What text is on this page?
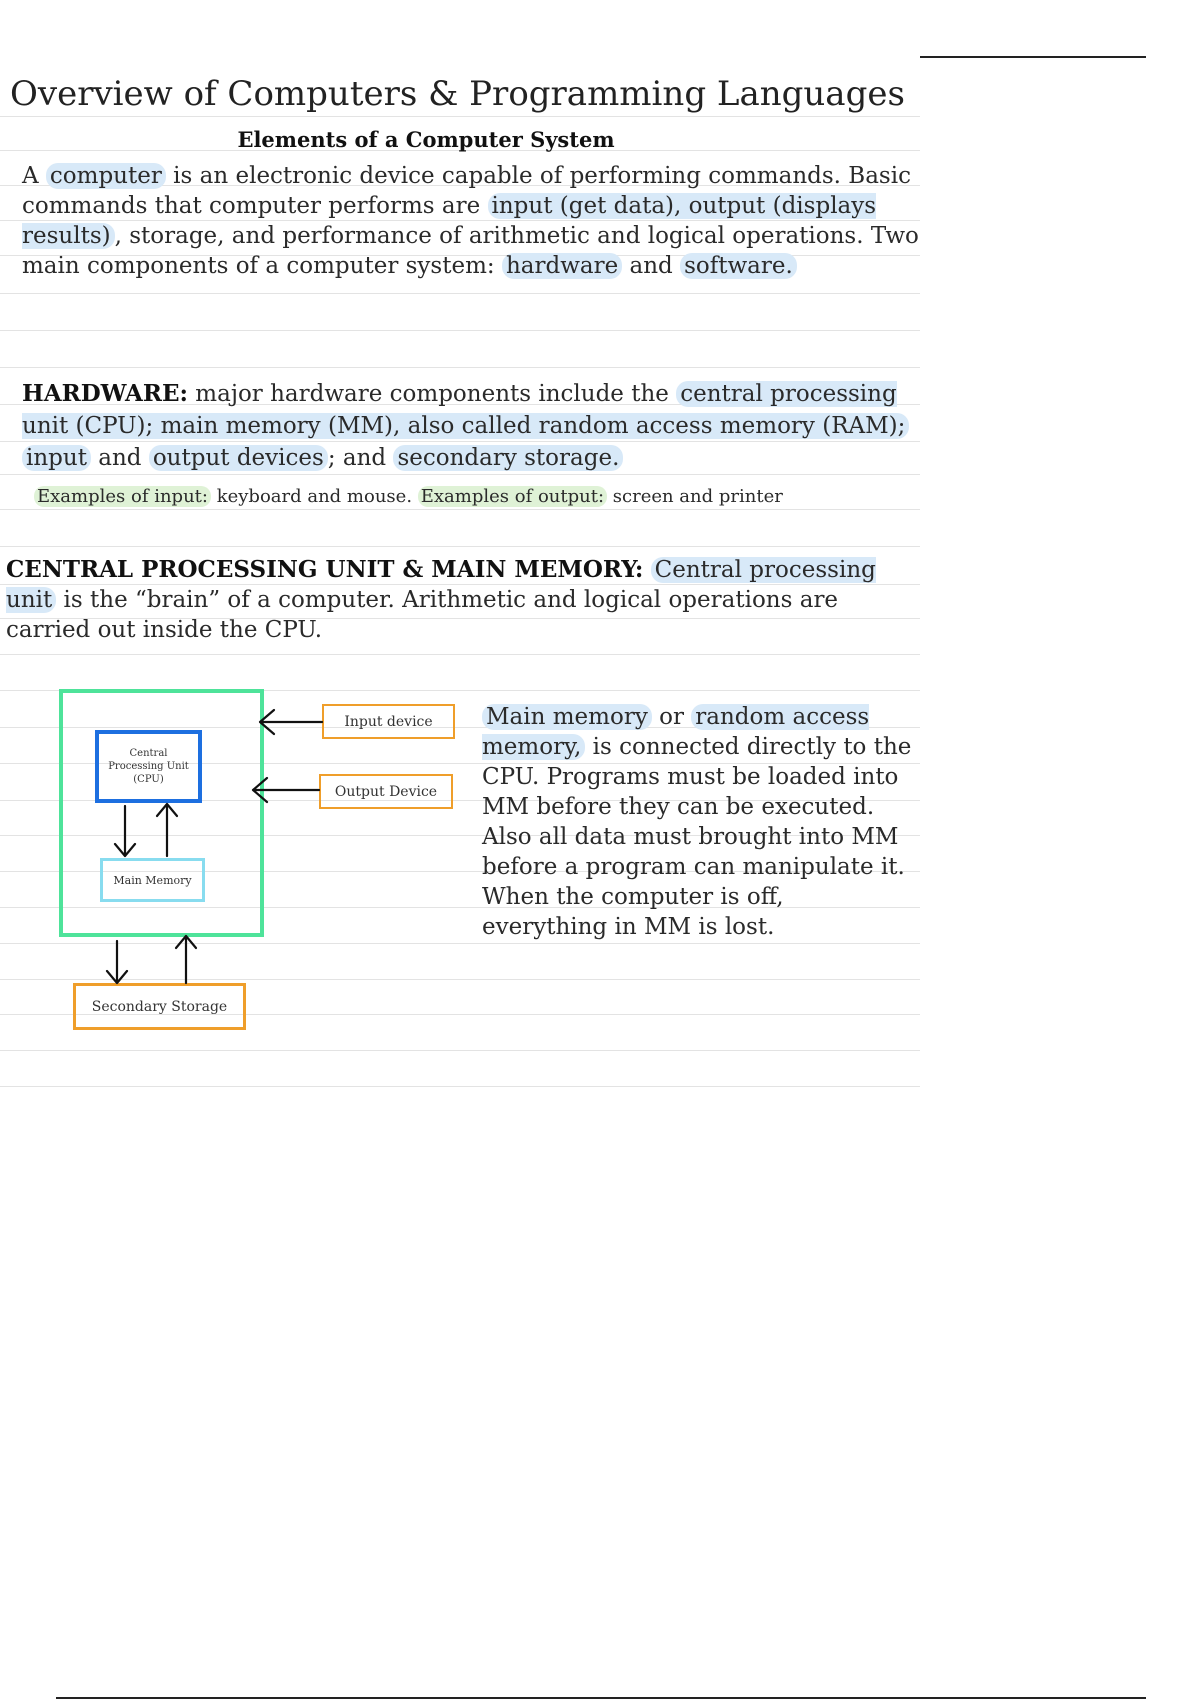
Overview of Computers & Programming Languages
Elements of a Computer System

A computer is an electronic device capable of performing commands. Basic commands that computer performs are input (get data), output (displays results) , storage, and performance of arithmetic and logical operations. Two main components of a computer system: hardware and software.

HARDWARE: major hardware components include the central processing unit (CPU); main memory (MM), also called random access memory (RAM); input and output devices ; and secondary storage.

Examples of input: keyboard and mouse. Examples of output: screen and printer

CENTRAL PROCESSING UNIT & MAIN MEMORY: Central processing unit is the “brain” of a computer. Arithmetic and logical operations are carried out inside the CPU.

Main memory or random access memory, is connected directly to the CPU. Programs must be loaded into MM before they can be executed. Also all data must brought into MM before a program can manipulate it. When the computer is off, everything in MM is lost.

Central Processing Unit (CPU)
Main Memory
Input device
Output Device
Secondary Storage
